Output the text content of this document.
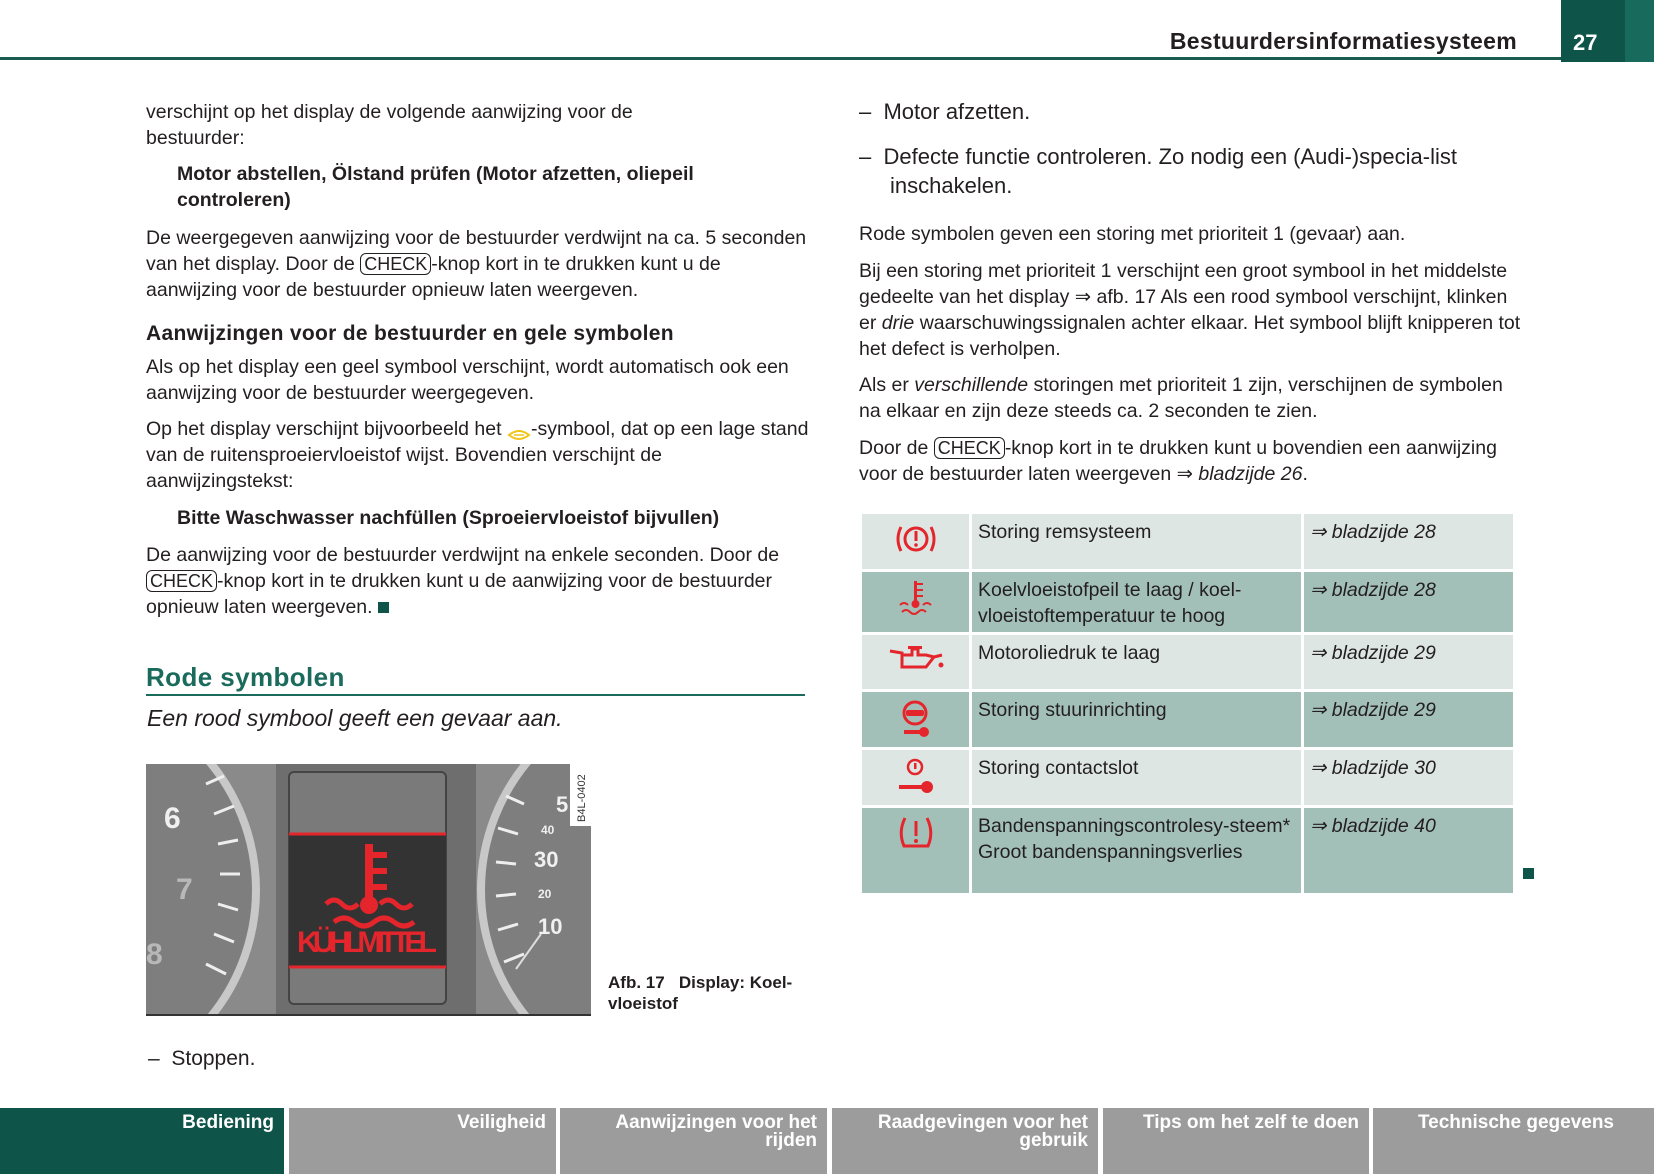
Bestuurdersinformatiesysteem	27
verschijnt op het display de volgende aanwijzing voor de bestuurder:
Motor abstellen, Ölstand prüfen (Motor afzetten, oliepeil controleren)
De weergegeven aanwijzing voor de bestuurder verdwijnt na ca. 5 seconden van het display. Door de CHECK -knop kort in te drukken kunt u de aanwijzing voor de bestuurder opnieuw laten weergeven.
Aanwijzingen voor de bestuurder en gele symbolen
Als op het display een geel symbool verschijnt, wordt automatisch ook een aanwijzing voor de bestuurder weergegeven.
Op het display verschijnt bijvoorbeeld het -symbool, dat op een lage stand van de ruitensproeiervloeistof wijst. Bovendien verschijnt de aanwijzingstekst:
Bitte Waschwasser nachfüllen (Sproeiervloeistof bijvullen)
De aanwijzing voor de bestuurder verdwijnt na enkele seconden. Door de CHECK -knop kort in te drukken kunt u de aanwijzing voor de bestuurder opnieuw laten weergeven.
Rode symbolen
Een rood symbool geeft een gevaar aan.
KÜHLMITTEL
6
7
8
5
40
30
20
10
B4L-0402
Afb. 17 Display: Koel-vloeistof
–  Stoppen.
–  Motor afzetten.
–  Defecte functie controleren. Zo nodig een (Audi-)specia-list inschakelen.
Rode symbolen geven een storing met prioriteit 1 (gevaar) aan.
Bij een storing met prioriteit 1 verschijnt een groot symbool in het middelste gedeelte van het display ⇒ afb. 17 Als een rood symbool verschijnt, klinken er drie waarschuwingssignalen achter elkaar. Het symbool blijft knipperen tot het defect is verholpen.
Als er verschillende storingen met prioriteit 1 zijn, verschijnen de symbolen na elkaar en zijn deze steeds ca. 2 seconden te zien.
Door de CHECK -knop kort in te drukken kunt u bovendien een aanwijzing voor de bestuurder laten weergeven ⇒ bladzijde 26.
	Storing remsysteem	⇒ bladzijde 28
	Koelvloeistofpeil te laag / koel-vloeistoftemperatuur te hoog	⇒ bladzijde 28
	Motoroliedruk te laag	⇒ bladzijde 29
	Storing stuurinrichting	⇒ bladzijde 29
	Storing contactslot	⇒ bladzijde 30

Bandenspanningscontrolesy-steem*
Groot bandenspanningsverlies	⇒ bladzijde 40
Bediening	Veiligheid	Aanwijzingen voor het rijden
Raadgevingen voor het gebruik
Tips om het zelf te doen	Technische gegevens
